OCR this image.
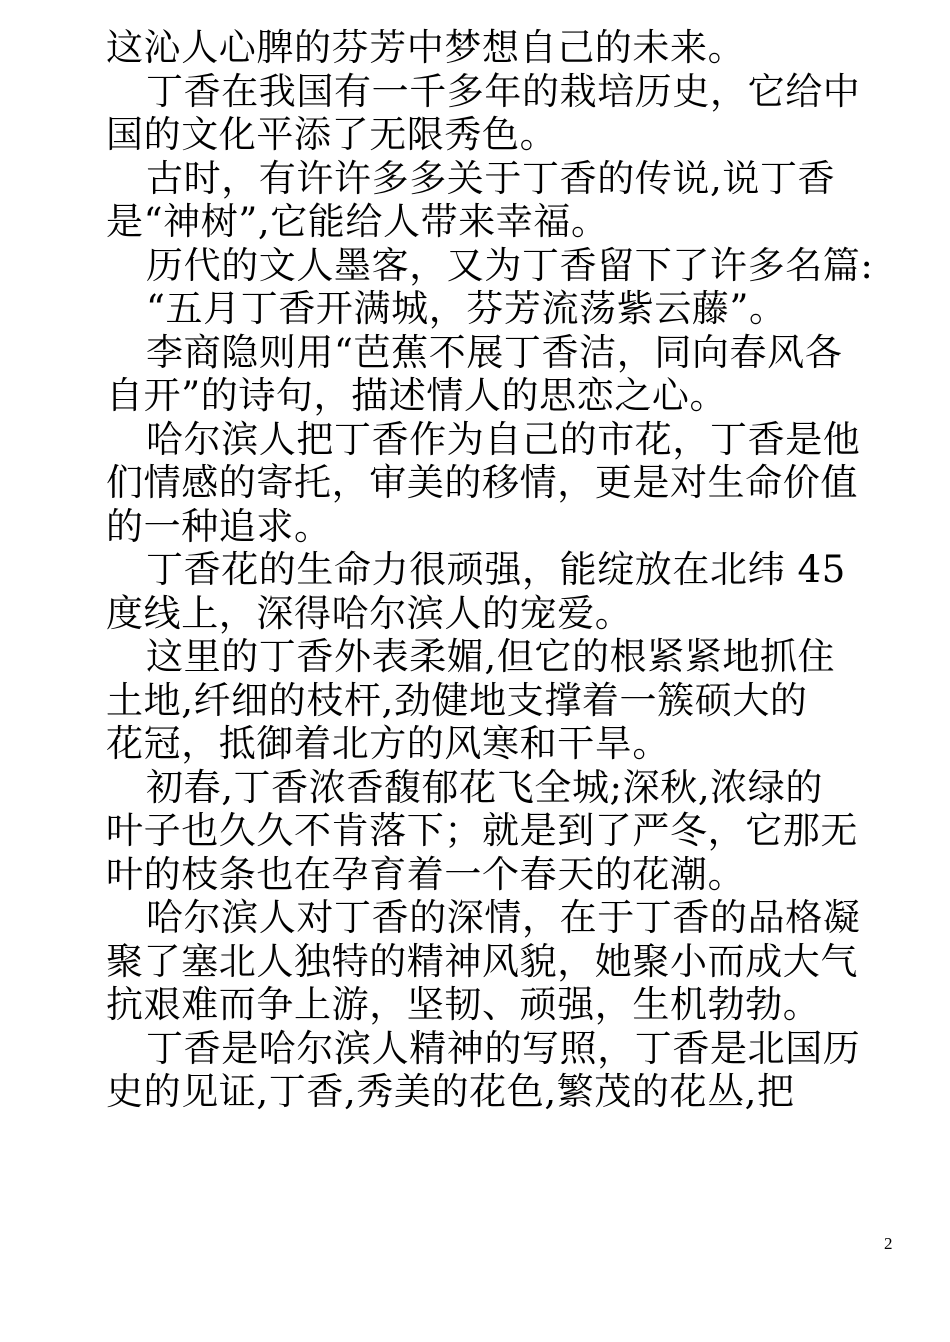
这沁人心脾的芬芳中梦想自己的未来。
丁香在我国有一千多年的栽培历史，它给中
国的文化平添了无限秀色。
古时，有许许多多关于丁香的传说,说丁香
是“神树”,它能给人带来幸福。
历代的文人墨客，又为丁香留下了许多名篇:
“五月丁香开满城，芬芳流荡紫云藤”。
李商隐则用“芭蕉不展丁香洁，同向春风各
自开”的诗句，描述情人的思恋之心。
哈尔滨人把丁香作为自己的市花，丁香是他
们情感的寄托，审美的移情，更是对生命价值
的一种追求。
丁香花的生命力很顽强，能绽放在北纬 45
度线上，深得哈尔滨人的宠爱。
这里的丁香外表柔媚,但它的根紧紧地抓住
土地,纤细的枝杆,劲健地支撑着一簇硕大的
花冠，抵御着北方的风寒和干旱。
初春,丁香浓香馥郁花飞全城;深秋,浓绿的
叶子也久久不肯落下；就是到了严冬，它那无
叶的枝条也在孕育着一个春天的花潮。
哈尔滨人对丁香的深情，在于丁香的品格凝
聚了塞北人独特的精神风貌，她聚小而成大气
抗艰难而争上游，坚韧、顽强，生机勃勃。
丁香是哈尔滨人精神的写照，丁香是北国历
史的见证,丁香,秀美的花色,繁茂的花丛,把
2
